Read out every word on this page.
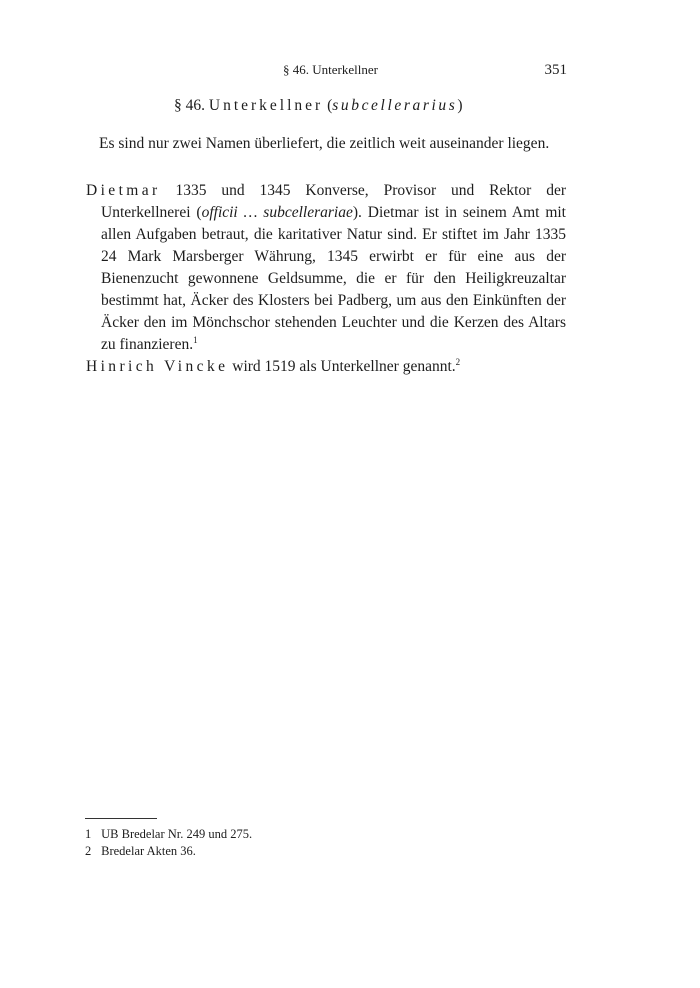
§ 46. Unterkellner	351
§ 46. Unterkellner (subcellerarius)
Es sind nur zwei Namen überliefert, die zeitlich weit auseinander liegen.

Dietmar 1335 und 1345 Konverse, Provisor und Rektor der Unterkellnerei (officii … subcellerariae). Dietmar ist in seinem Amt mit allen Aufgaben betraut, die karitativer Natur sind. Er stiftet im Jahr 1335 24 Mark Marsberger Währung, 1345 erwirbt er für eine aus der Bienenzucht gewonnene Geldsumme, die er für den Heiligkreuzaltar bestimmt hat, Äcker des Klosters bei Padberg, um aus den Einkünften der Äcker den im Mönchschor stehenden Leuchter und die Kerzen des Altars zu finanzieren.$^1$

Hinrich Vincke wird 1519 als Unterkellner genannt.$^2$

1 UB Bredelar Nr. 249 und 275.
2 Bredelar Akten 36.
